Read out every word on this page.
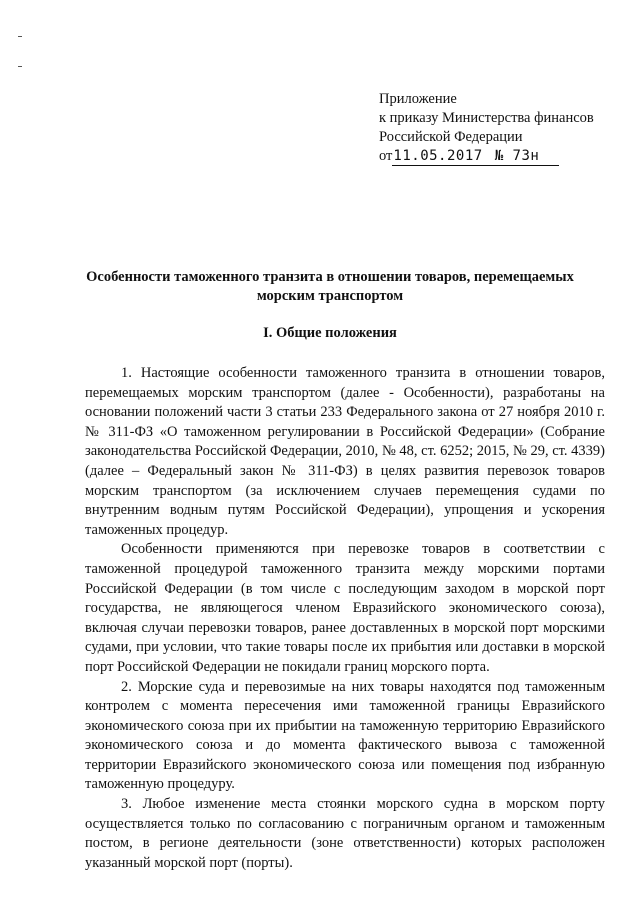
Приложение
к приказу Министерства финансов
Российской Федерации
от 11.05.2017 № 73н
Особенности таможенного транзита в отношении товаров, перемещаемых
морским транспортом
I. Общие положения

1. Настоящие особенности таможенного транзита в отношении товаров, перемещаемых морским транспортом (далее - Особенности), разработаны на основании положений части 3 статьи 233 Федерального закона от 27 ноября 2010 г. № 311-ФЗ «О таможенном регулировании в Российской Федерации» (Собрание законодательства Российской Федерации, 2010, № 48, ст. 6252; 2015, № 29, ст. 4339) (далее – Федеральный закон № 311-ФЗ) в целях развития перевозок товаров морским транспортом (за исключением случаев перемещения судами по внутренним водным путям Российской Федерации), упрощения и ускорения таможенных процедур.

Особенности применяются при перевозке товаров в соответствии с таможенной процедурой таможенного транзита между морскими портами Российской Федерации (в том числе с последующим заходом в морской порт государства, не являющегося членом Евразийского экономического союза), включая случаи перевозки товаров, ранее доставленных в морской порт морскими судами, при условии, что такие товары после их прибытия или доставки в морской порт Российской Федерации не покидали границ морского порта.

2. Морские суда и перевозимые на них товары находятся под таможенным контролем с момента пересечения ими таможенной границы Евразийского экономического союза при их прибытии на таможенную территорию Евразийского экономического союза и до момента фактического вывоза с таможенной территории Евразийского экономического союза или помещения под избранную таможенную процедуру.

3. Любое изменение места стоянки морского судна в морском порту осуществляется только по согласованию с пограничным органом и таможенным постом, в регионе деятельности (зоне ответственности) которых расположен указанный морской порт (порты).
